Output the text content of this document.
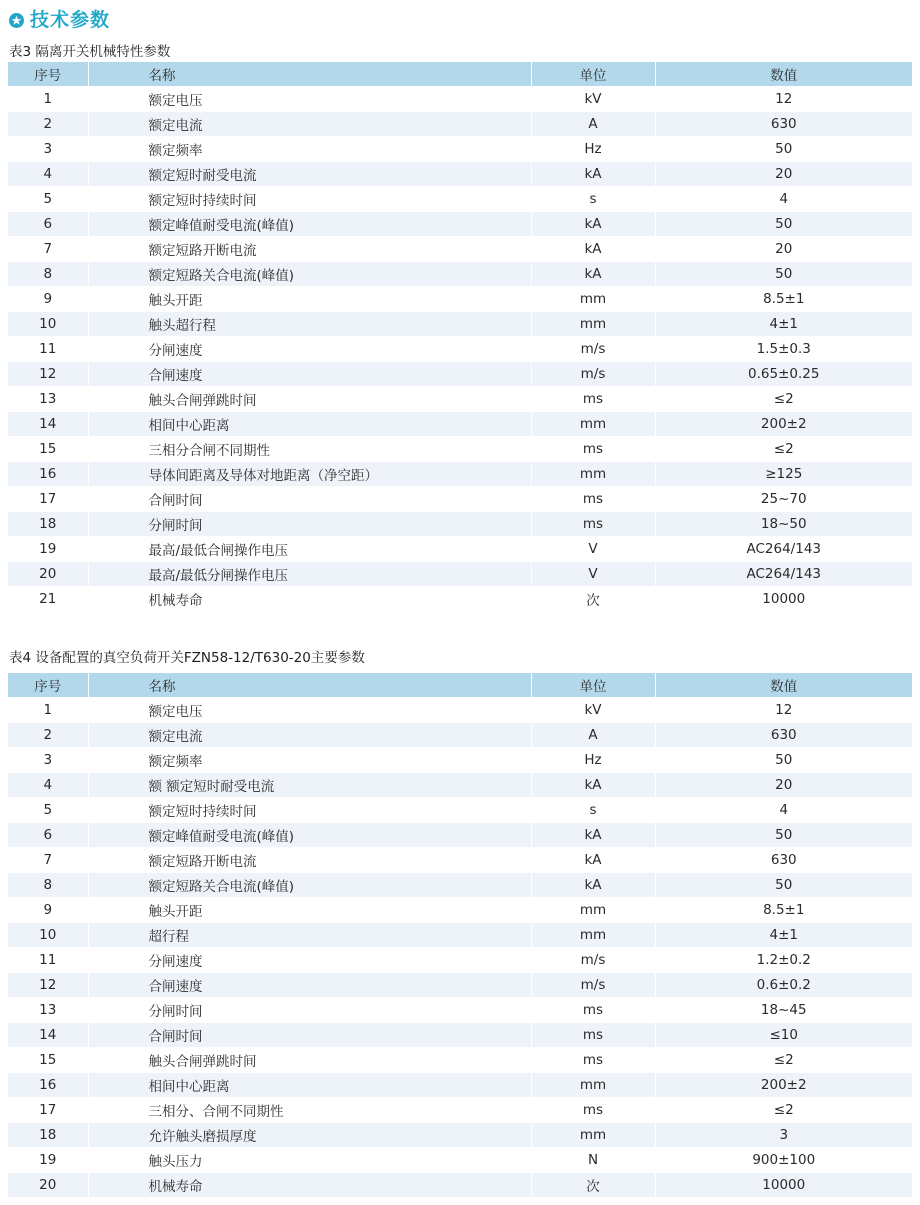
技术参数
表3 隔离开关机械特性参数
序号	名称	单位	数值
1	额定电压	kV	12
2	额定电流	A	630
3	额定频率	Hz	50
4	额定短时耐受电流	kA	20
5	额定短时持续时间	s	4
6	额定峰值耐受电流(峰值)	kA	50
7	额定短路开断电流	kA	20
8	额定短路关合电流(峰值)	kA	50
9	触头开距	mm	8.5±1
10	触头超行程	mm	4±1
11	分闸速度	m/s	1.5±0.3
12	合闸速度	m/s	0.65±0.25
13	触头合闸弹跳时间	ms	≤2
14	相间中心距离	mm	200±2
15	三相分合闸不同期性	ms	≤2
16	导体间距离及导体对地距离（净空距）	mm	≥125
17	合闸时间	ms	25~70
18	分闸时间	ms	18~50
19	最高/最低合闸操作电压	V	AC264/143
20	最高/最低分闸操作电压	V	AC264/143
21	机械寿命	次	10000
表4 设备配置的真空负荷开关FZN58-12/T630-20主要参数
序号	名称	单位	数值
1	额定电压	kV	12
2	额定电流	A	630
3	额定频率	Hz	50
4	额 额定短时耐受电流	kA	20
5	额定短时持续时间	s	4
6	额定峰值耐受电流(峰值)	kA	50
7	额定短路开断电流	kA	630
8	额定短路关合电流(峰值)	kA	50
9	触头开距	mm	8.5±1
10	超行程	mm	4±1
11	分闸速度	m/s	1.2±0.2
12	合闸速度	m/s	0.6±0.2
13	分闸时间	ms	18~45
14	合闸时间	ms	≤10
15	触头合闸弹跳时间	ms	≤2
16	相间中心距离	mm	200±2
17	三相分、合闸不同期性	ms	≤2
18	允许触头磨损厚度	mm	3
19	触头压力	N	900±100
20	机械寿命	次	10000
